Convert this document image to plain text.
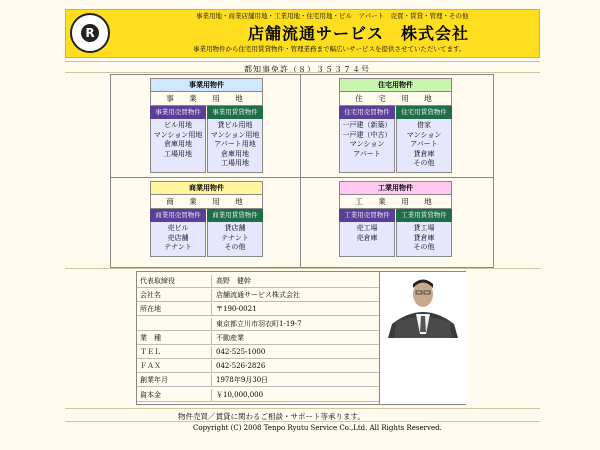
R
事業用地・商業店舗用地・工業用地・住宅用地・ビル　アパート　売買・賃貸・管理・その他
店舗流通サービス　株式会社
事業用物件から住宅用賃貸物件・管理業務まで幅広いサービスを提供させていただいてます。
都知事免許（８）３５３７４号
事業用物件
事　業　用　地
事業用売買物件	事業用賃貸物件
ビル用地
マンション用地
倉庫用地
工場用地
貸ビル用地
マンション用地
アパート用地
倉庫用地
工場用地
住宅用物件
住　宅　用　地
住宅用売買物件	住宅用賃貸物件
一戸建（新築）
一戸建（中古）
マンション
アパート
借家
マンション
アパート
貸倉庫
その他
商業用物件
商　業　用　地
商業用売買物件	商業用賃貸物件
売ビル
売店舗
テナント
貸店舗
テナント
その他
工業用物件
工　業　用　地
工業用売買物件	工業用賃貸物件
売工場
売倉庫
貸工場
貸倉庫
その他
代表取締役	高野　健幹
会社名	店舗流通サービス株式会社
所在地	〒190-0021
東京都立川市羽衣町1-19-7
業　種	不動産業
ＴＥＬ	042-525-1000
ＦＡＸ	042-526-2826
創業年月	1978年9月30日
資本金	￥10,000,000
物件売買／賃貸に関わるご相談・サポート等承ります。
Copyright (C) 2008 Tenpo Ryutu Service Co.,Ltd. All Rights Reserved.
